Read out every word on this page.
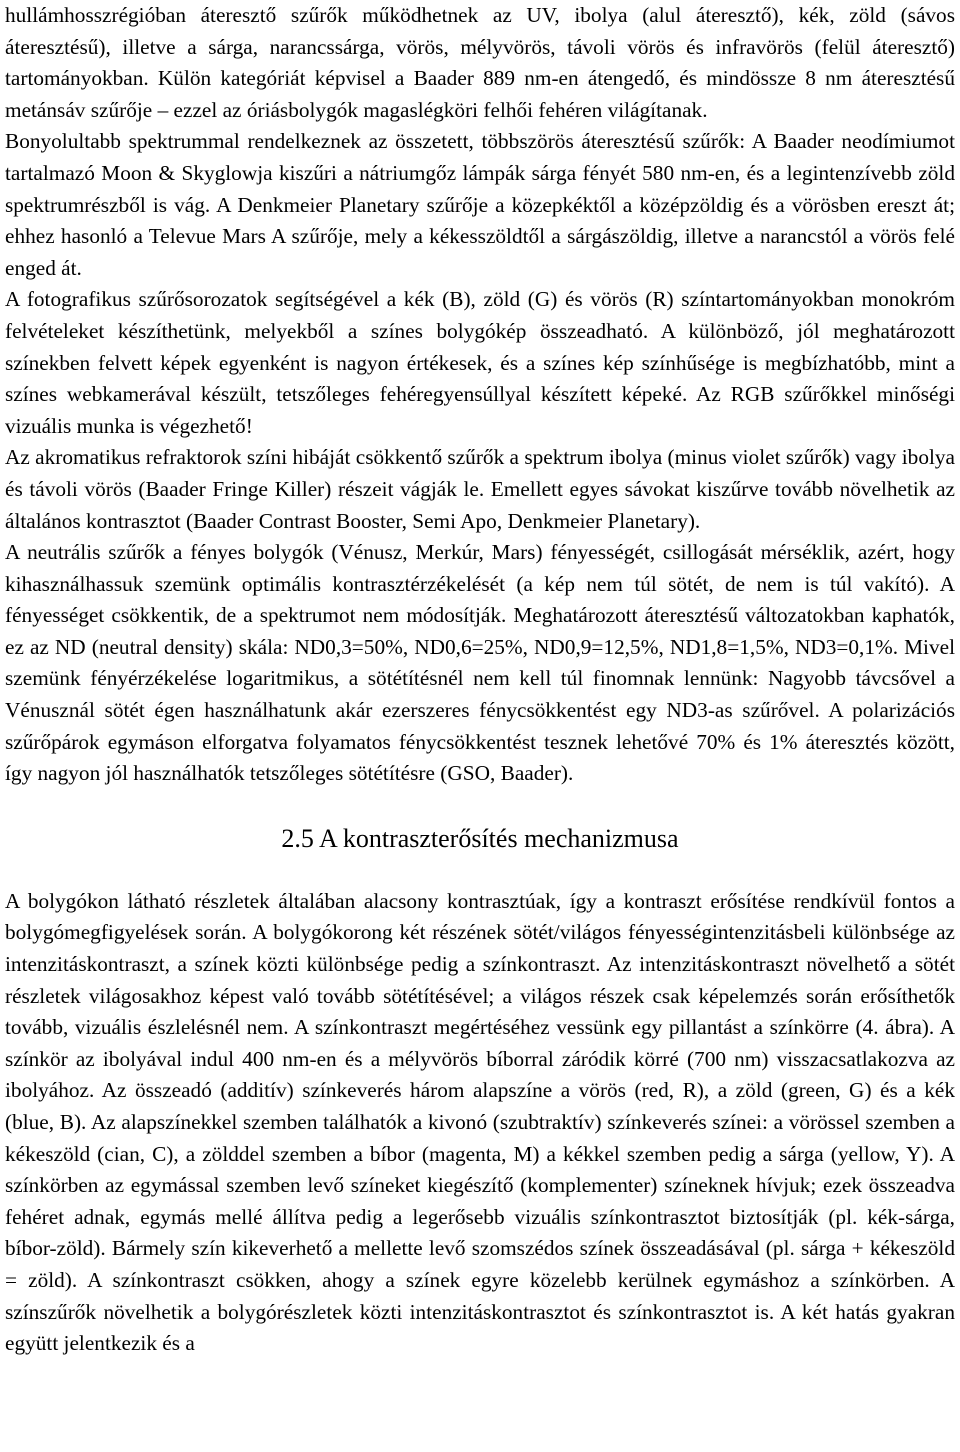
hullámhosszrégióban áteresztő szűrők működhetnek az UV, ibolya (alul áteresztő), kék, zöld (sávos áteresztésű), illetve a sárga, narancssárga, vörös, mélyvörös, távoli vörös és infravörös (felül áteresztő) tartományokban. Külön kategóriát képvisel a Baader 889 nm-en átengedő, és mindössze 8 nm áteresztésű metánsáv szűrője – ezzel az óriásbolygók magaslégköri felhői fehéren világítanak.

Bonyolultabb spektrummal rendelkeznek az összetett, többszörös áteresztésű szűrők: A Baader neodímiumot tartalmazó Moon & Skyglowja kiszűri a nátriumgőz lámpák sárga fényét 580 nm-en, és a legintenzívebb zöld spektrumrészből is vág. A Denkmeier Planetary szűrője a közepkéktől a középzöldig és a vörösben ereszt át; ehhez hasonló a Televue Mars A szűrője, mely a kékesszöldtől a sárgászöldig, illetve a narancstól a vörös felé enged át.

A fotografikus szűrősorozatok segítségével a kék (B), zöld (G) és vörös (R) színtartományokban monokróm felvételeket készíthetünk, melyekből a színes bolygókép összeadható. A különböző, jól meghatározott színekben felvett képek egyenként is nagyon értékesek, és a színes kép színhűsége is megbízhatóbb, mint a színes webkamerával készült, tetszőleges fehéregyensúllyal készített képeké. Az RGB szűrőkkel minőségi vizuális munka is végezhető!

Az akromatikus refraktorok színi hibáját csökkentő szűrők a spektrum ibolya (minus violet szűrők) vagy ibolya és távoli vörös (Baader Fringe Killer) részeit vágják le. Emellett egyes sávokat kiszűrve tovább növelhetik az általános kontrasztot (Baader Contrast Booster, Semi Apo, Denkmeier Planetary).

A neutrális szűrők a fényes bolygók (Vénusz, Merkúr, Mars) fényességét, csillogását mérséklik, azért, hogy kihasználhassuk szemünk optimális kontrasztérzékelését (a kép nem túl sötét, de nem is túl vakító). A fényességet csökkentik, de a spektrumot nem módosítják. Meghatározott áteresztésű változatokban kaphatók, ez az ND (neutral density) skála: ND0,3=50%, ND0,6=25%, ND0,9=12,5%, ND1,8=1,5%, ND3=0,1%. Mivel szemünk fényérzékelése logaritmikus, a sötétítésnél nem kell túl finomnak lennünk: Nagyobb távcsővel a Vénusznál sötét égen használhatunk akár ezerszeres fénycsökkentést egy ND3-as szűrővel. A polarizációs szűrőpárok egymáson elforgatva folyamatos fénycsökkentést tesznek lehetővé 70% és 1% áteresztés között, így nagyon jól használhatók tetszőleges sötétítésre (GSO, Baader).

2.5 A kontraszterősítés mechanizmusa

A bolygókon látható részletek általában alacsony kontrasztúak, így a kontraszt erősítése rendkívül fontos a bolygómegfigyelések során. A bolygókorong két részének sötét/világos fényességintenzitásbeli különbsége az intenzitáskontraszt, a színek közti különbsége pedig a színkontraszt. Az intenzitáskontraszt növelhető a sötét részletek világosakhoz képest való tovább sötétítésével; a világos részek csak képelemzés során erősíthetők tovább, vizuális észlelésnél nem. A színkontraszt megértéséhez vessünk egy pillantást a színkörre (4. ábra). A színkör az ibolyával indul 400 nm-en és a mélyvörös bíborral záródik körré (700 nm) visszacsatlakozva az ibolyához. Az összeadó (additív) színkeverés három alapszíne a vörös (red, R), a zöld (green, G) és a kék (blue, B). Az alapszínekkel szemben találhatók a kivonó (szubtraktív) színkeverés színei: a vörössel szemben a kékeszöld (cian, C), a zölddel szemben a bíbor (magenta, M) a kékkel szemben pedig a sárga (yellow, Y). A színkörben az egymással szemben levő színeket kiegészítő (komplementer) színeknek hívjuk; ezek összeadva fehéret adnak, egymás mellé állítva pedig a legerősebb vizuális színkontrasztot biztosítják (pl. kék-sárga, bíbor-zöld). Bármely szín kikeverhető a mellette levő szomszédos színek összeadásával (pl. sárga + kékeszöld = zöld). A színkontraszt csökken, ahogy a színek egyre közelebb kerülnek egymáshoz a színkörben. A színszűrők növelhetik a bolygórészletek közti intenzitáskontrasztot és színkontrasztot is. A két hatás gyakran együtt jelentkezik és a
